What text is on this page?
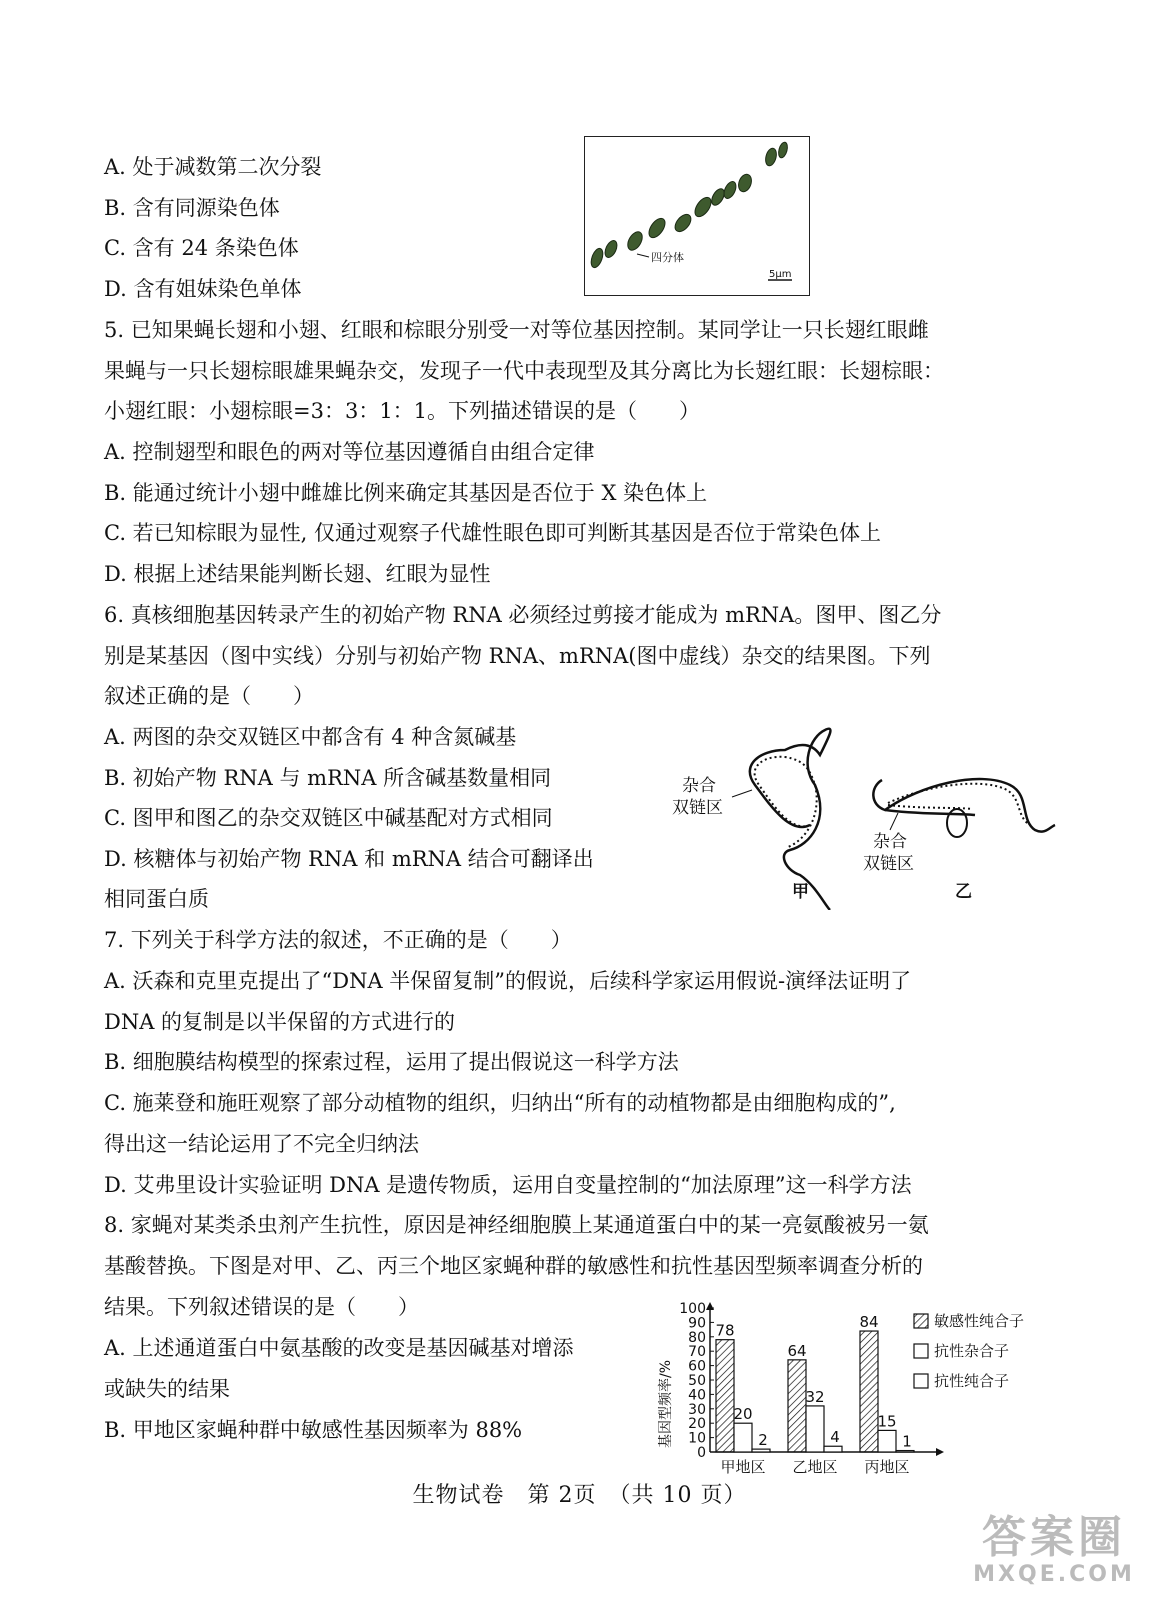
A. 处于减数第二次分裂
B. 含有同源染色体
C. 含有 24 条染色体
D. 含有姐妹染色单体
四分体
5μm
5. 已知果蝇长翅和小翅、红眼和棕眼分别受一对等位基因控制。某同学让一只长翅红眼雌
果蝇与一只长翅棕眼雄果蝇杂交，发现子一代中表现型及其分离比为长翅红眼：长翅棕眼：
小翅红眼：小翅棕眼=3：3：1：1。下列描述错误的是（　　）
A. 控制翅型和眼色的两对等位基因遵循自由组合定律
B. 能通过统计小翅中雌雄比例来确定其基因是否位于 X 染色体上
C. 若已知棕眼为显性, 仅通过观察子代雄性眼色即可判断其基因是否位于常染色体上
D. 根据上述结果能判断长翅、红眼为显性
6. 真核细胞基因转录产生的初始产物 RNA 必须经过剪接才能成为 mRNA。图甲、图乙分
别是某基因（图中实线）分别与初始产物 RNA、mRNA(图中虚线）杂交的结果图。下列
叙述正确的是（　　）
A. 两图的杂交双链区中都含有 4 种含氮碱基
B. 初始产物 RNA 与 mRNA 所含碱基数量相同
C. 图甲和图乙的杂交双链区中碱基配对方式相同
D. 核糖体与初始产物 RNA 和 mRNA 结合可翻译出
相同蛋白质
杂合
双链区
甲
杂合
双链区
乙
7. 下列关于科学方法的叙述，不正确的是（　　）
A. 沃森和克里克提出了“DNA 半保留复制”的假说，后续科学家运用假说-演绎法证明了
DNA 的复制是以半保留的方式进行的
B. 细胞膜结构模型的探索过程，运用了提出假说这一科学方法
C. 施莱登和施旺观察了部分动植物的组织，归纳出“所有的动植物都是由细胞构成的”,
得出这一结论运用了不完全归纳法
D. 艾弗里设计实验证明 DNA 是遗传物质，运用自变量控制的“加法原理”这一科学方法
8. 家蝇对某类杀虫剂产生抗性，原因是神经细胞膜上某通道蛋白中的某一亮氨酸被另一氨
基酸替换。下图是对甲、乙、丙三个地区家蝇种群的敏感性和抗性基因型频率调查分析的
结果。下列叙述错误的是（　　）
A. 上述通道蛋白中氨基酸的改变是基因碱基对增添
或缺失的结果
B. 甲地区家蝇种群中敏感性基因频率为 88%
0
10
20
30
40
50
60
70
80
90
100
基因型频率/%
78
20
2
甲地区
64
32
4
乙地区
84
15
1
丙地区
敏感性纯合子
抗性杂合子
抗性纯合子
生物试卷　第 2页　（共 10 页）
答案圈
MXQE.COM
